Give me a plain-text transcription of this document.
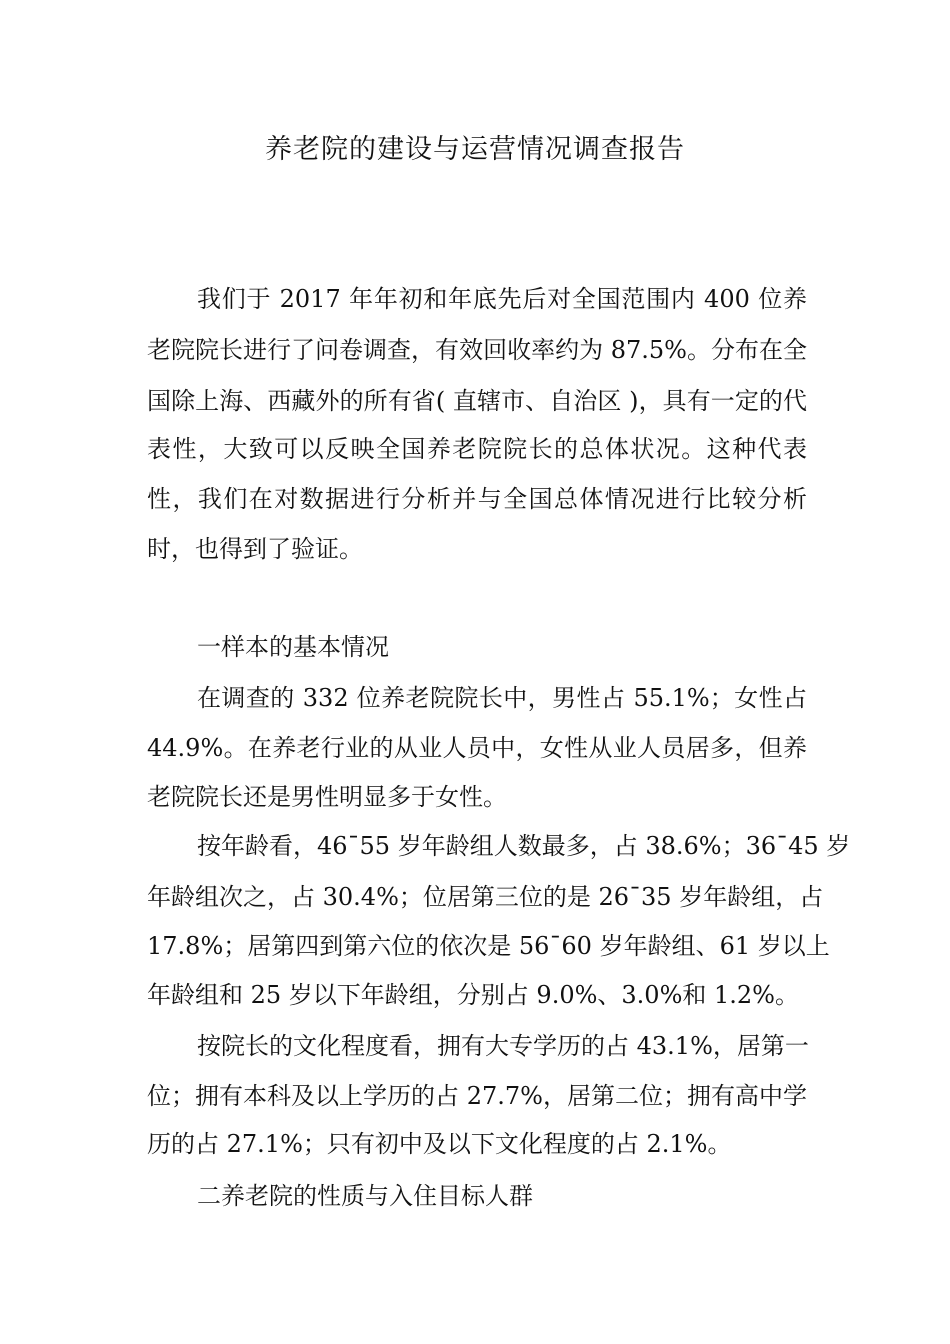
养老院的建设与运营情况调查报告

我们于 2017 年年初和年底先后对全国范围内 400 位养

老院院长进行了问卷调查，有效回收率约为 87.5%。分布在全

国除上海、西藏外的所有省( 直辖市、自治区 )，具有一定的代

表性，大致可以反映全国养老院院长的总体状况。这种代表

性，我们在对数据进行分析并与全国总体情况进行比较分析

时，也得到了验证。

一样本的基本情况

在调查的 332 位养老院院长中，男性占 55.1%；女性占

44.9%。在养老行业的从业人员中，女性从业人员居多，但养

老院院长还是男性明显多于女性。

按年龄看，46¯55 岁年龄组人数最多，占 38.6%；36¯45 岁

年龄组次之，占 30.4%；位居第三位的是 26¯35 岁年龄组，占

17.8%；居第四到第六位的依次是 56¯60 岁年龄组、61 岁以上

年龄组和 25 岁以下年龄组，分别占 9.0%、3.0%和 1.2%。

按院长的文化程度看，拥有大专学历的占 43.1%，居第一

位；拥有本科及以上学历的占 27.7%，居第二位；拥有高中学

历的占 27.1%；只有初中及以下文化程度的占 2.1%。

二养老院的性质与入住目标人群
